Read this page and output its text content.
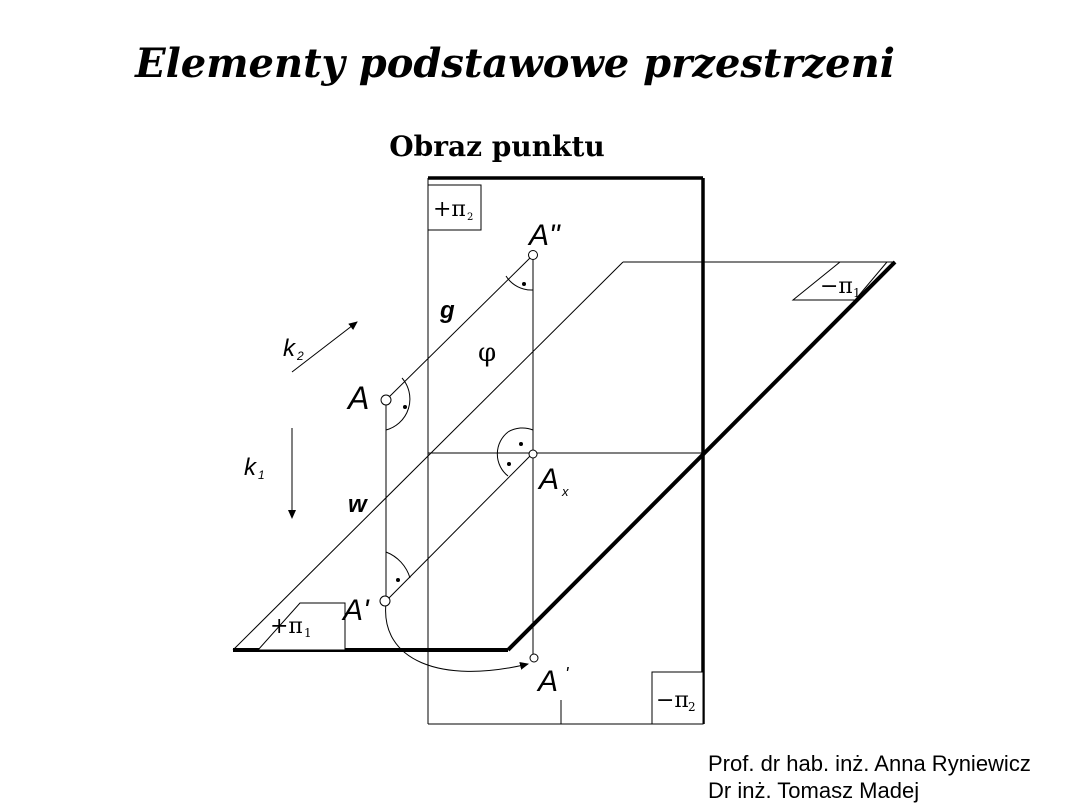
Elementy podstawowe przestrzeni
Obraz punktu
+π 2
−π 1
+π 1
−π 2
A
A"
A'
A x
A '
g
w
φ
k 2
k 1
Prof. dr hab. inż. Anna Ryniewicz
Dr inż. Tomasz Madej
